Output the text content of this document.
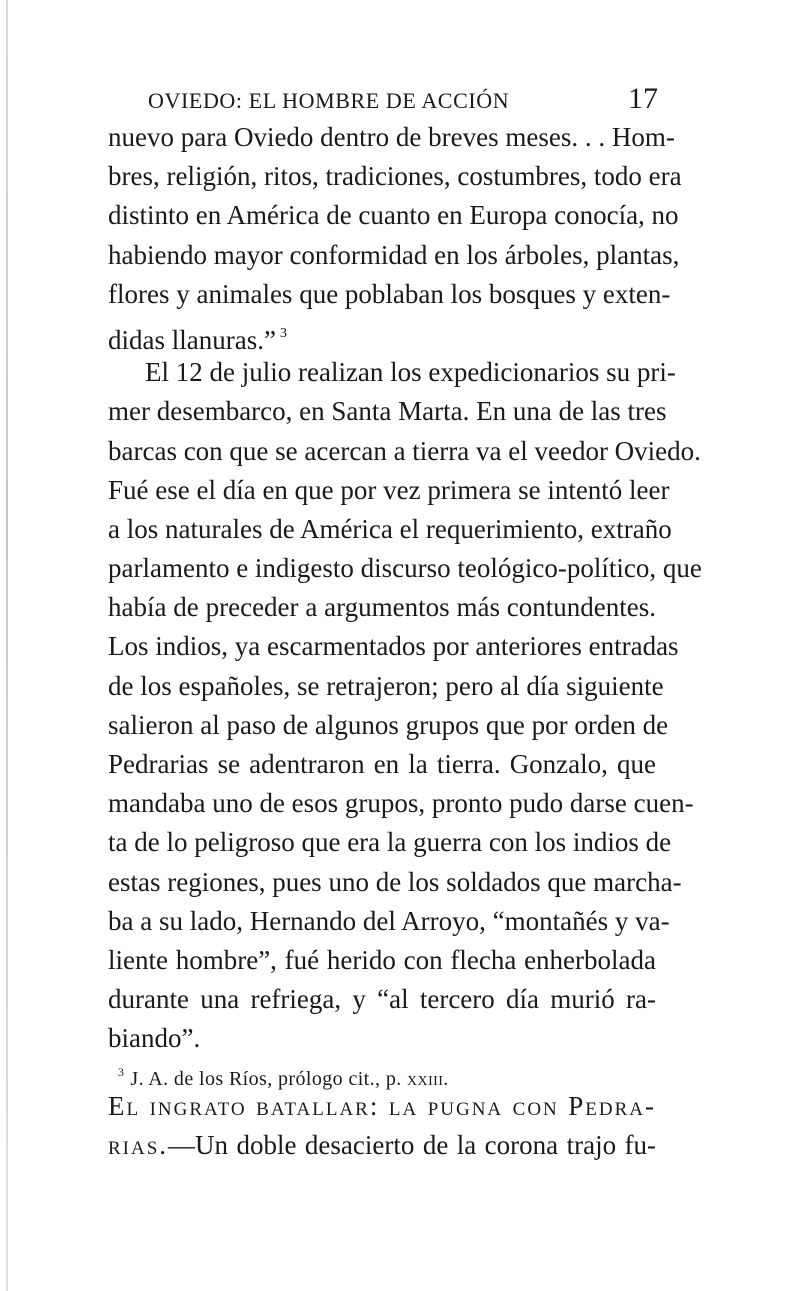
OVIEDO: EL HOMBRE DE ACCIÓN	17
nuevo para Oviedo dentro de breves meses. . . Hom-
bres, religión, ritos, tradiciones, costumbres, todo era
distinto en América de cuanto en Europa conocía, no
habiendo mayor conformidad en los árboles, plantas,
flores y animales que poblaban los bosques y exten-
didas llanuras.” $^3$
El 12 de julio realizan los expedicionarios su pri-
mer desembarco, en Santa Marta. En una de las tres
barcas con que se acercan a tierra va el veedor Oviedo.
Fué ese el día en que por vez primera se intentó leer
a los naturales de América el requerimiento, extraño
parlamento e indigesto discurso teológico-político, que
había de preceder a argumentos más contundentes.
Los indios, ya escarmentados por anteriores entradas
de los españoles, se retrajeron; pero al día siguiente
salieron al paso de algunos grupos que por orden de
Pedrarias se adentraron en la tierra. Gonzalo, que
mandaba uno de esos grupos, pronto pudo darse cuen-
ta de lo peligroso que era la guerra con los indios de
estas regiones, pues uno de los soldados que marcha-
ba a su lado, Hernando del Arroyo, “montañés y va-
liente hombre”, fué herido con flecha enherbolada
durante una refriega, y “al tercero día murió ra-
biando”.
El ingrato batallar: la pugna con Pedra-
rias.—Un doble desacierto de la corona trajo fu-
$^3$ J. A. de los Ríos, prólogo cit., p. xxiii.
